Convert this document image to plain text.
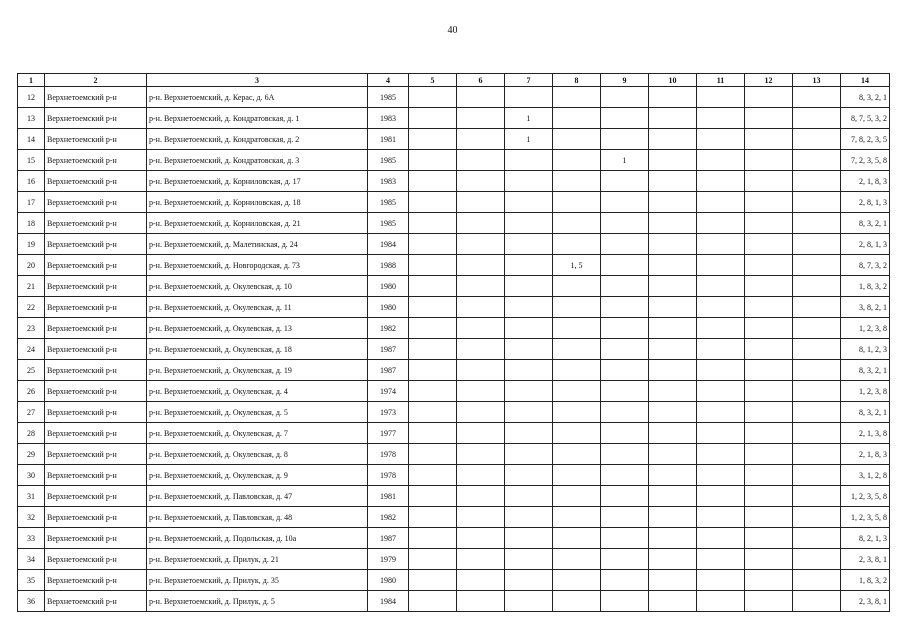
40
1	2	3	4	5	6	7	8	9	10	11	12	13	14
12	Верхнетоемский р-н	р-н. Верхнетоемский, д. Керас, д. 6А	1985										8, 3, 2, 1
13	Верхнетоемский р-н	р-н. Верхнетоемский, д. Кондратовская, д. 1	1983			1							8, 7, 5, 3, 2
14	Верхнетоемский р-н	р-н. Верхнетоемский, д. Кондратовская, д. 2	1981			1							7, 8, 2, 3, 5
15	Верхнетоемский р-н	р-н. Верхнетоемский, д. Кондратовская, д. 3	1985					1					7, 2, 3, 5, 8
16	Верхнетоемский р-н	р-н. Верхнетоемский, д. Корниловская, д. 17	1983										2, 1, 8, 3
17	Верхнетоемский р-н	р-н. Верхнетоемский, д. Корниловская, д. 18	1985										2, 8, 1, 3
18	Верхнетоемский р-н	р-н. Верхнетоемский, д. Корниловская, д. 21	1985										8, 3, 2, 1
19	Верхнетоемский р-н	р-н. Верхнетоемский, д. Малетинская, д. 24	1984										2, 8, 1, 3
20	Верхнетоемский р-н	р-н. Верхнетоемский, д. Новгородская, д. 73	1988				1, 5						8, 7, 3, 2
21	Верхнетоемский р-н	р-н. Верхнетоемский, д. Окулевская, д. 10	1980										1, 8, 3, 2
22	Верхнетоемский р-н	р-н. Верхнетоемский, д. Окулевская, д. 11	1980										3, 8, 2, 1
23	Верхнетоемский р-н	р-н. Верхнетоемский, д. Окулевская, д. 13	1982										1, 2, 3, 8
24	Верхнетоемский р-н	р-н. Верхнетоемский, д. Окулевская, д. 18	1987										8, 1, 2, 3
25	Верхнетоемский р-н	р-н. Верхнетоемский, д. Окулевская, д. 19	1987										8, 3, 2, 1
26	Верхнетоемский р-н	р-н. Верхнетоемский, д. Окулевская, д. 4	1974										1, 2, 3, 8
27	Верхнетоемский р-н	р-н. Верхнетоемский, д. Окулевская, д. 5	1973										8, 3, 2, 1
28	Верхнетоемский р-н	р-н. Верхнетоемский, д. Окулевская, д. 7	1977										2, 1, 3, 8
29	Верхнетоемский р-н	р-н. Верхнетоемский, д. Окулевская, д. 8	1978										2, 1, 8, 3
30	Верхнетоемский р-н	р-н. Верхнетоемский, д. Окулевская, д. 9	1978										3, 1, 2, 8
31	Верхнетоемский р-н	р-н. Верхнетоемский, д. Павловская, д. 47	1981										1, 2, 3, 5, 8
32	Верхнетоемский р-н	р-н. Верхнетоемский, д. Павловская, д. 48	1982										1, 2, 3, 5, 8
33	Верхнетоемский р-н	р-н. Верхнетоемский, д. Подольская, д. 10а	1987										8, 2, 1, 3
34	Верхнетоемский р-н	р-н. Верхнетоемский, д. Прилук, д. 21	1979										2, 3, 8, 1
35	Верхнетоемский р-н	р-н. Верхнетоемский, д. Прилук, д. 35	1980										1, 8, 3, 2
36	Верхнетоемский р-н	р-н. Верхнетоемский, д. Прилук, д. 5	1984										2, 3, 8, 1
